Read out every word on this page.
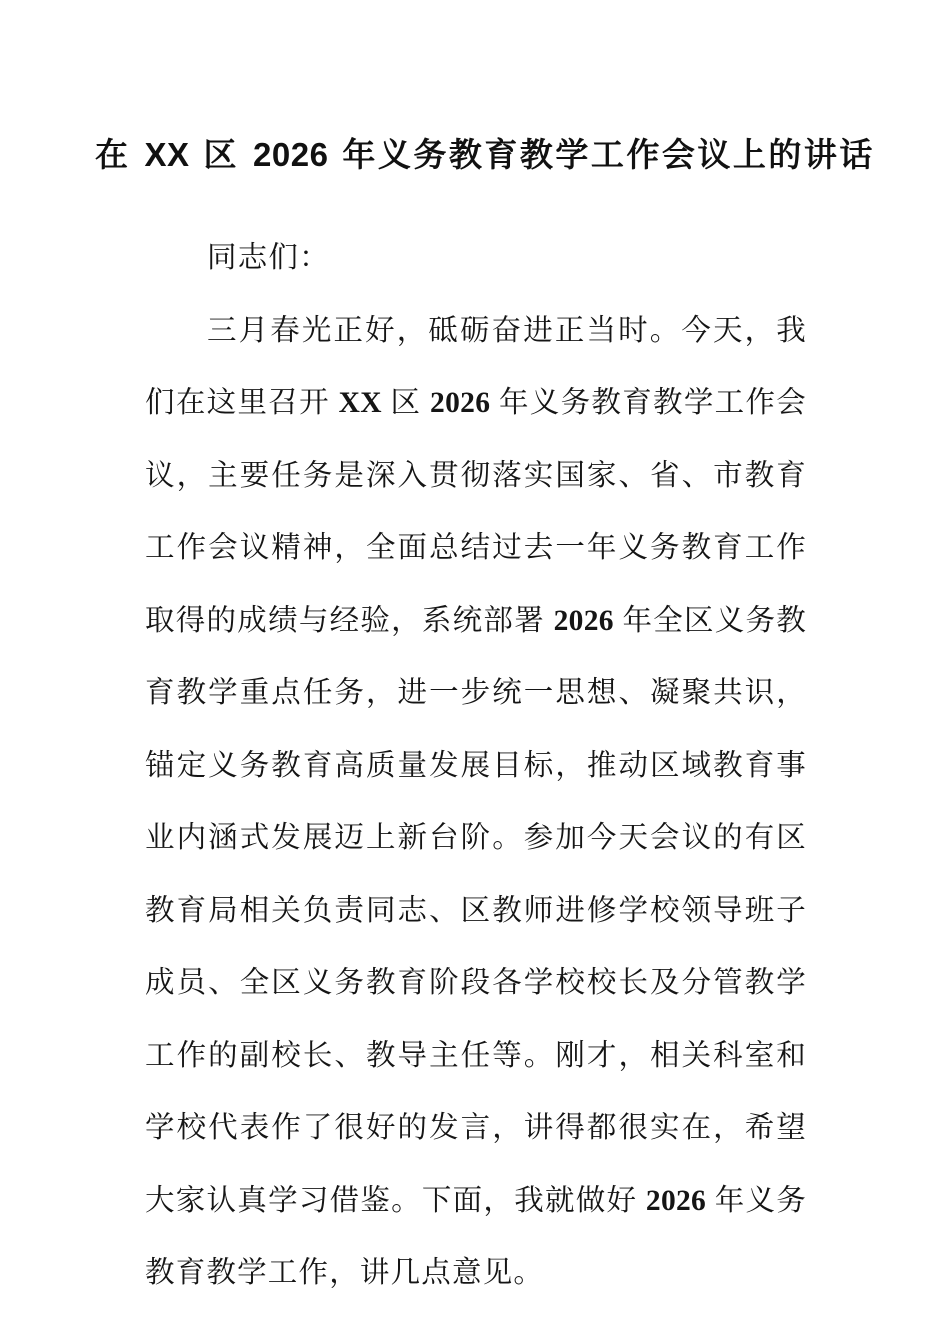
在 XX 区 2026 年义务教育教学工作会议上的讲话

同志们：

三月春光正好，砥砺奋进正当时。今天，我们在这里召开 XX 区 2026 年义务教育教学工作会议，主要任务是深入贯彻落实国家、省、市教育工作会议精神，全面总结过去一年义务教育工作取得的成绩与经验，系统部署 2026 年全区义务教育教学重点任务，进一步统一思想、凝聚共识，锚定义务教育高质量发展目标，推动区域教育事业内涵式发展迈上新台阶。参加今天会议的有区教育局相关负责同志、区教师进修学校领导班子成员、全区义务教育阶段各学校校长及分管教学工作的副校长、教导主任等。刚才，相关科室和学校代表作了很好的发言，讲得都很实在，希望大家认真学习借鉴。下面，我就做好 2026 年义务教育教学工作，讲几点意见。
